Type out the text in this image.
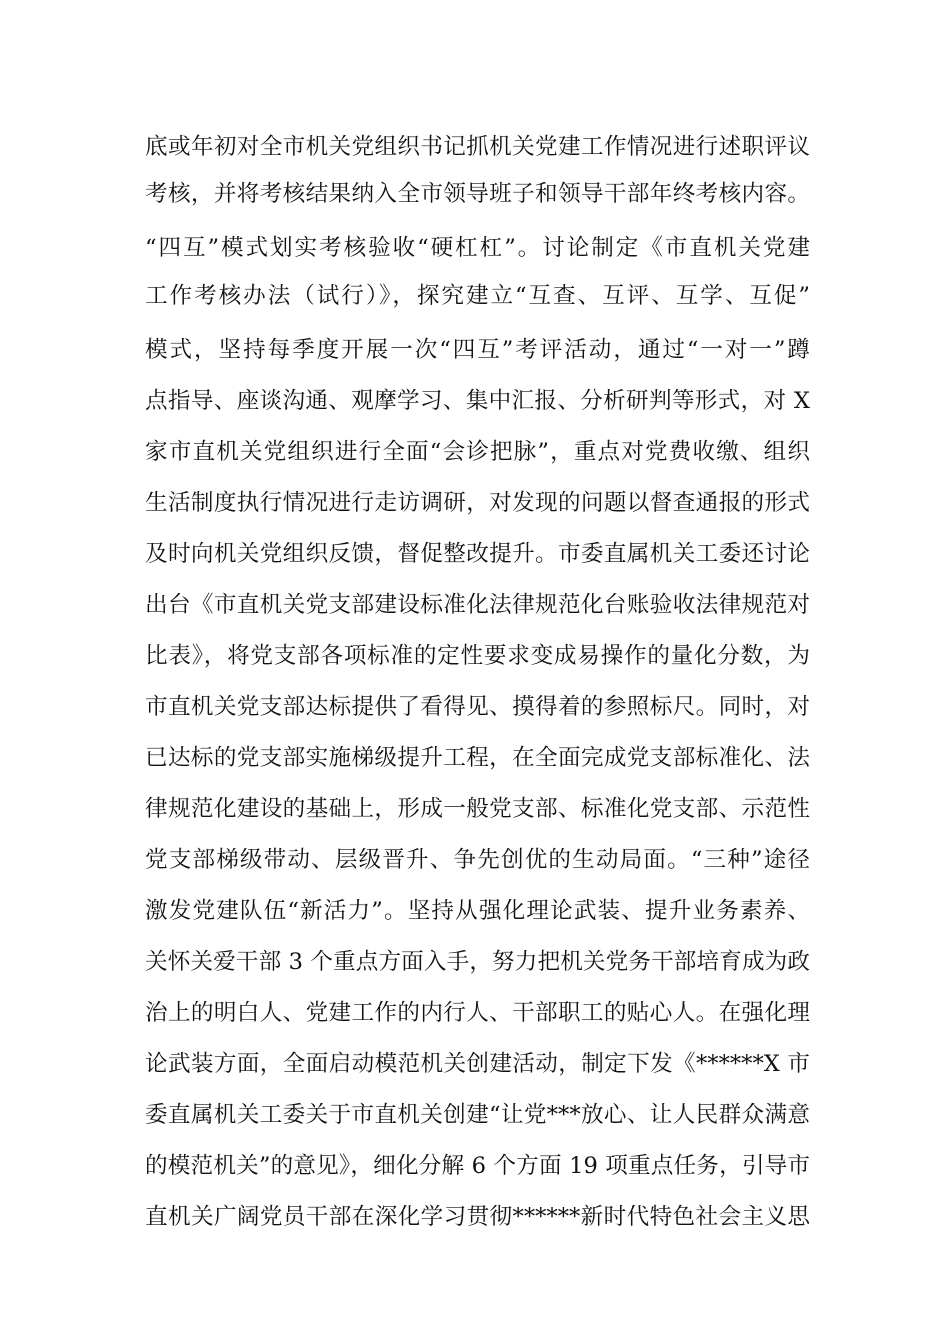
底或年初对全市机关党组织书记抓机关党建工作情况进行述职评议
考核，并将考核结果纳入全市领导班子和领导干部年终考核内容。
“四互”模式划实考核验收“硬杠杠”。讨论制定《市直机关党建
工作考核办法（试行）》，探究建立“互查、互评、互学、互促”
模式，坚持每季度开展一次“四互”考评活动，通过“一对一”蹲
点指导、座谈沟通、观摩学习、集中汇报、分析研判等形式，对 X
家市直机关党组织进行全面“会诊把脉”，重点对党费收缴、组织
生活制度执行情况进行走访调研，对发现的问题以督查通报的形式
及时向机关党组织反馈，督促整改提升。市委直属机关工委还讨论
出台《市直机关党支部建设标准化法律规范化台账验收法律规范对
比表》，将党支部各项标准的定性要求变成易操作的量化分数，为
市直机关党支部达标提供了看得见、摸得着的参照标尺。同时，对
已达标的党支部实施梯级提升工程，在全面完成党支部标准化、法
律规范化建设的基础上，形成一般党支部、标准化党支部、示范性
党支部梯级带动、层级晋升、争先创优的生动局面。“三种”途径
激发党建队伍“新活力”。坚持从强化理论武装、提升业务素养、
关怀关爱干部 3 个重点方面入手，努力把机关党务干部培育成为政
治上的明白人、党建工作的内行人、干部职工的贴心人。在强化理
论武装方面，全面启动模范机关创建活动，制定下发《******X 市
委直属机关工委关于市直机关创建“让党***放心、让人民群众满意
的模范机关”的意见》，细化分解 6 个方面 19 项重点任务，引导市
直机关广阔党员干部在深化学习贯彻******新时代特色社会主义思
